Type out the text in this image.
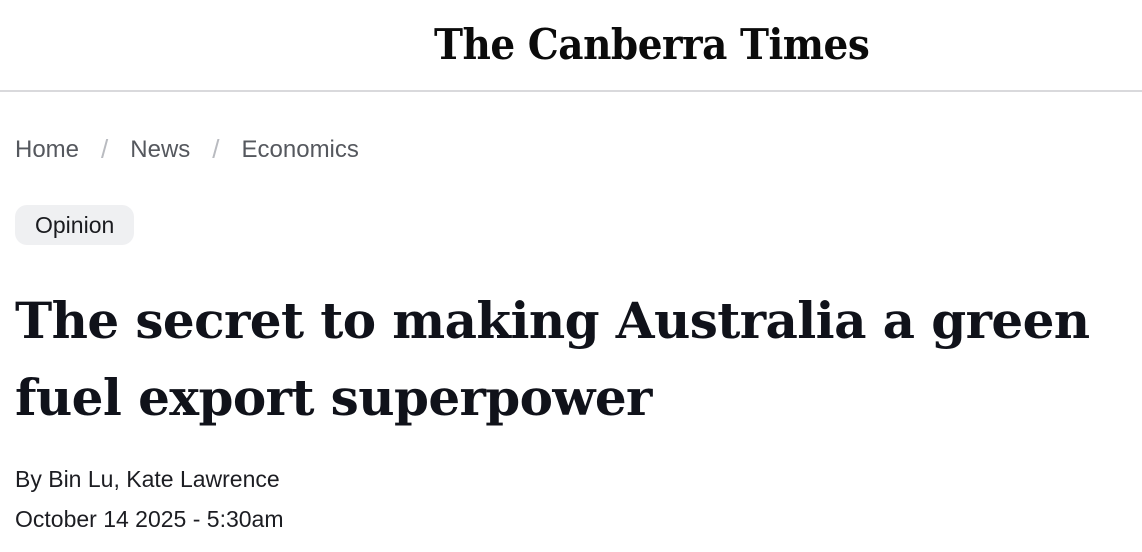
The Canberra Times
Home / News / Economics
Opinion
The secret to making Australia a green fuel export superpower
By Bin Lu, Kate Lawrence
October 14 2025 - 5:30am
